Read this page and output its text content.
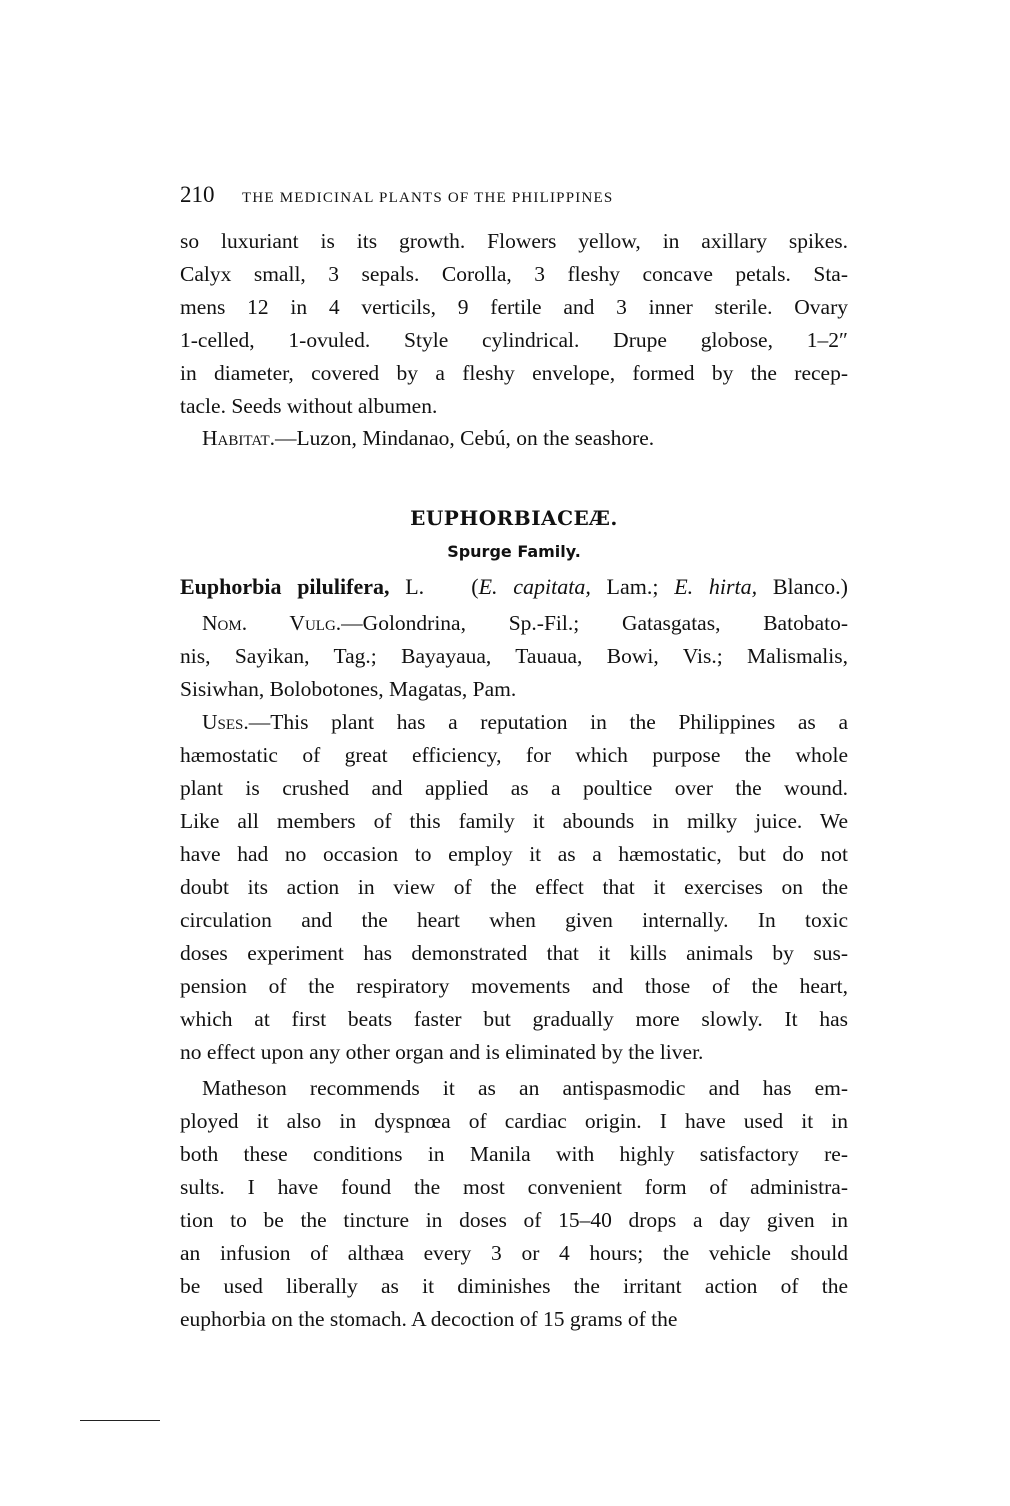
210 THE MEDICINAL PLANTS OF THE PHILIPPINES
so luxuriant is its growth. Flowers yellow, in axillary spikes.
Calyx small, 3 sepals. Corolla, 3 fleshy concave petals. Sta-
mens 12 in 4 verticils, 9 fertile and 3 inner sterile. Ovary
1-celled, 1-ovuled. Style cylindrical. Drupe globose, 1–2″
in diameter, covered by a fleshy envelope, formed by the recep-
tacle. Seeds without albumen.
Habitat.—Luzon, Mindanao, Cebú, on the seashore.
EUPHORBIACEÆ.
Spurge Family.
Euphorbia pilulifera, L. (E. capitata, Lam.; E. hirta, Blanco.)
Nom. Vulg.—Golondrina, Sp.-Fil.; Gatasgatas, Batobato-
nis, Sayikan, Tag.; Bayayaua, Tauaua, Bowi, Vis.; Malismalis,
Sisiwhan, Bolobotones, Magatas, Pam.
Uses.—This plant has a reputation in the Philippines as a
hæmostatic of great efficiency, for which purpose the whole
plant is crushed and applied as a poultice over the wound.
Like all members of this family it abounds in milky juice. We
have had no occasion to employ it as a hæmostatic, but do not
doubt its action in view of the effect that it exercises on the
circulation and the heart when given internally. In toxic
doses experiment has demonstrated that it kills animals by sus-
pension of the respiratory movements and those of the heart,
which at first beats faster but gradually more slowly. It has
no effect upon any other organ and is eliminated by the liver.
Matheson recommends it as an antispasmodic and has em-
ployed it also in dyspnœa of cardiac origin. I have used it in
both these conditions in Manila with highly satisfactory re-
sults. I have found the most convenient form of administra-
tion to be the tincture in doses of 15–40 drops a day given in
an infusion of althæa every 3 or 4 hours; the vehicle should
be used liberally as it diminishes the irritant action of the
euphorbia on the stomach. A decoction of 15 grams of the
